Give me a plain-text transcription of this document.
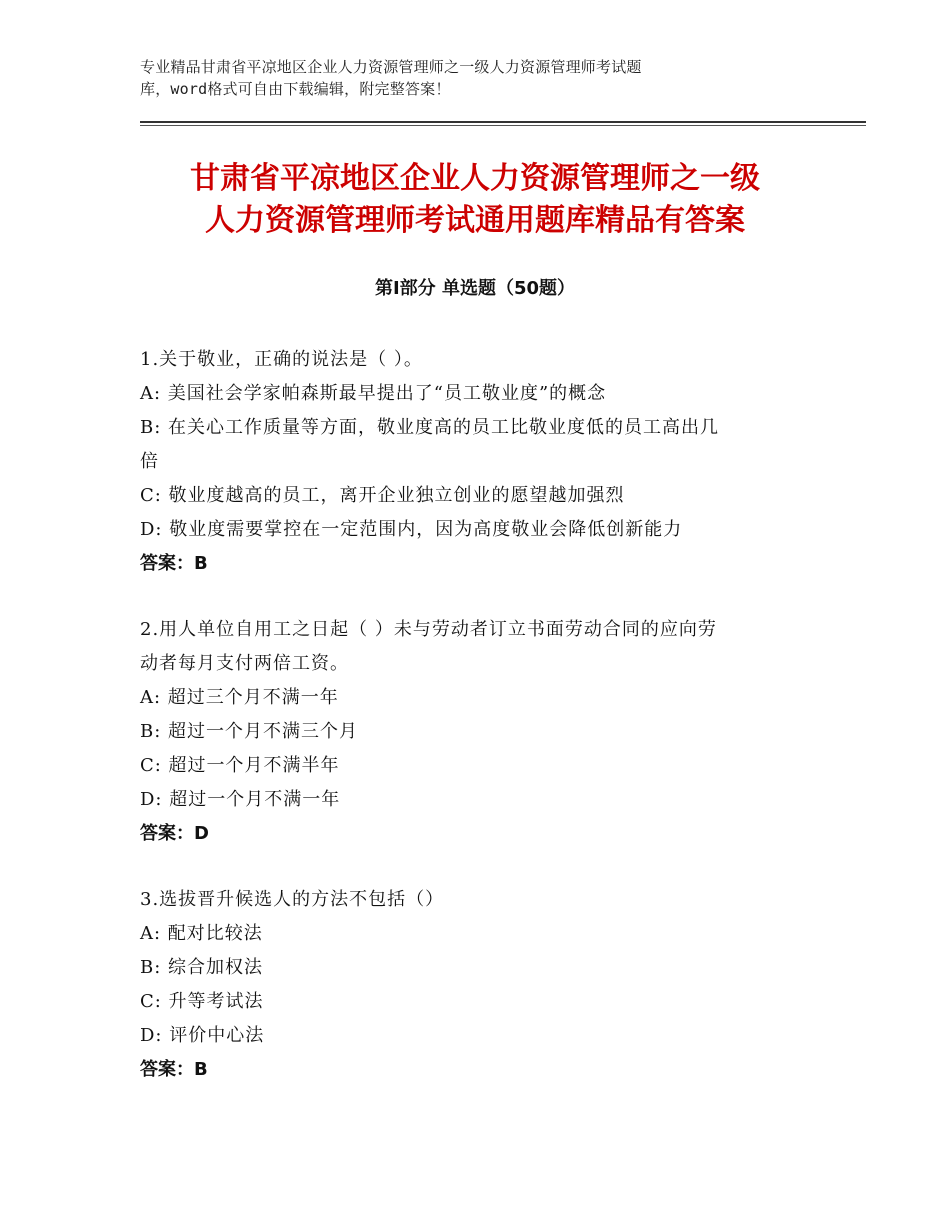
专业精品甘肃省平凉地区企业人力资源管理师之一级人力资源管理师考试题
库，word格式可自由下载编辑，附完整答案！
甘肃省平凉地区企业人力资源管理师之一级
人力资源管理师考试通用题库精品有答案
第Ⅰ部分 单选题（50题）
1.关于敬业，正确的说法是（ ）。
A: 美国社会学家帕森斯最早提出了“员工敬业度”的概念
B: 在关心工作质量等方面，敬业度高的员工比敬业度低的员工高出几
倍
C: 敬业度越高的员工，离开企业独立创业的愿望越加强烈
D: 敬业度需要掌控在一定范围内，因为高度敬业会降低创新能力
答案：B
2.用人单位自用工之日起（ ）未与劳动者订立书面劳动合同的应向劳
动者每月支付两倍工资。
A: 超过三个月不满一年
B: 超过一个月不满三个月
C: 超过一个月不满半年
D: 超过一个月不满一年
答案：D
3.选拔晋升候选人的方法不包括（）
A: 配对比较法
B: 综合加权法
C: 升等考试法
D: 评价中心法
答案：B
